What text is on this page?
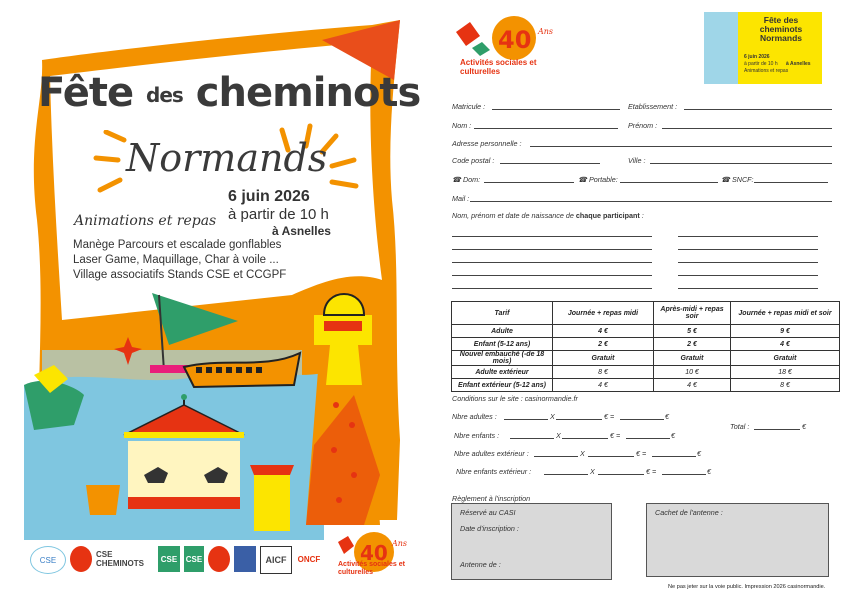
Fête des cheminots
Normands
6 juin 2026
à partir de 10 h
à Asnelles
Animations et repas
Manège Parcours et escalade gonflables
Laser Game, Maquillage, Char à voile ...
Village associatifs Stands CSE et CCGPF
40 Ans
Activités sociales et culturelles
CSE
CSE CHEMINOTS	CSE	CSE	AICF	ONCF
40 Ans
Activités sociales et culturelles
Fête des cheminots Normands
6 juin 2026
à partir de 10 h à Asnelles
Animations et repas
Matricule :	Etablissement :
Nom :	Prénom :
Adresse personnelle :
Code postal :	Ville :
☎ Dom:	☎ Portable:	☎ SNCF:
Mail :
Nom, prénom et date de naissance de chaque participant :
Tarif	Journée + repas midi	Après-midi + repas soir	Journée + repas midi et soir
Adulte	4 €	5 €	9 €
Enfant (5-12 ans)	2 €	2 €	4 €
Nouvel embauché (-de 18 mois)	Gratuit	Gratuit	Gratuit
Adulte extérieur	8 €	10 €	18 €
Enfant extérieur (5-12 ans)	4 €	4 €	8 €
Conditions sur le site : casinormandie.fr
Nbre adultes :	X	€ =	€
Nbre enfants :	X	€ =	€
Total :	€
Nbre adultes extérieur :	X	€ =	€
Nbre enfants extérieur :	X	€ =	€
Règlement à l'inscription
Réservé au CASI
Date d'inscription :
Antenne de :
Cachet de l'antenne :
Ne pas jeter sur la voie public. Impression 2026 casinormandie.
